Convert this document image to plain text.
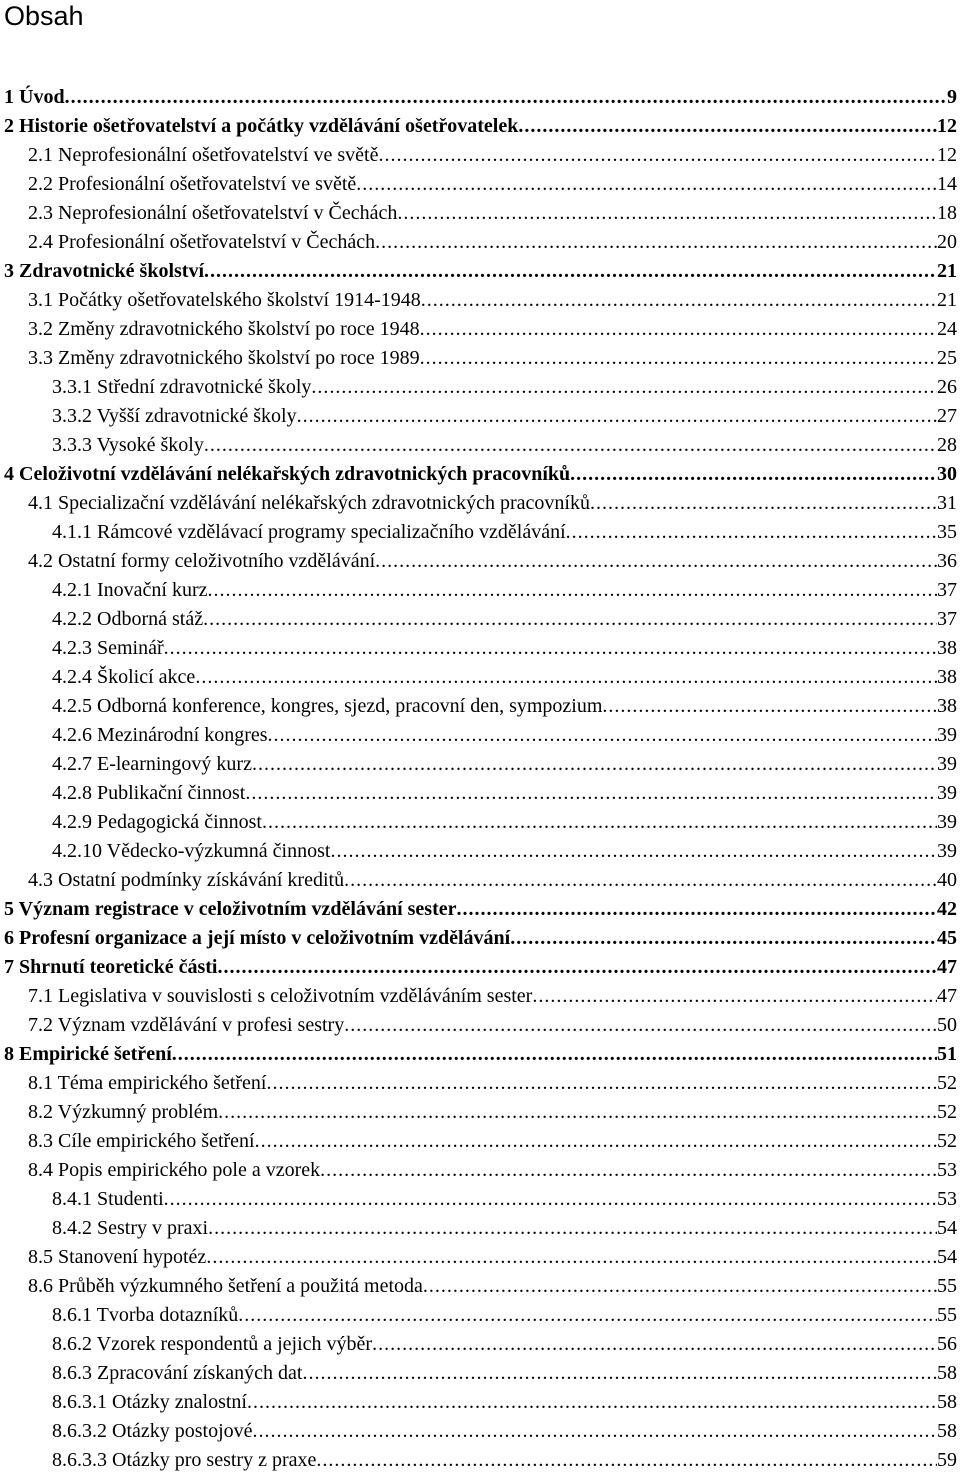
Obsah
1 Úvod .....	9
2 Historie ošetřovatelství a počátky vzdělávání ošetřovatelek .....	12
2.1 Neprofesionální ošetřovatelství ve světě .....	12
2.2 Profesionální ošetřovatelství ve světě .....	14
2.3 Neprofesionální ošetřovatelství v Čechách .....	18
2.4 Profesionální ošetřovatelství v Čechách .....	20
3 Zdravotnické školství .....	21
3.1 Počátky ošetřovatelského školství 1914-1948 .....	21
3.2 Změny zdravotnického školství po roce 1948 .....	24
3.3 Změny zdravotnického školství po roce 1989 .....	25
3.3.1 Střední zdravotnické školy .....	26
3.3.2 Vyšší zdravotnické školy .....	27
3.3.3 Vysoké školy .....	28
4 Celoživotní vzdělávání nelékařských zdravotnických pracovníků .....	30
4.1 Specializační vzdělávání nelékařských zdravotnických pracovníků .....	31
4.1.1 Rámcové vzdělávací programy specializačního vzdělávání .....	35
4.2 Ostatní formy celoživotního vzdělávání .....	36
4.2.1 Inovační kurz .....	37
4.2.2 Odborná stáž .....	37
4.2.3 Seminář .....	38
4.2.4 Školicí akce .....	38
4.2.5 Odborná konference, kongres, sjezd, pracovní den, sympozium .....	38
4.2.6 Mezinárodní kongres .....	39
4.2.7 E-learningový kurz .....	39
4.2.8 Publikační činnost .....	39
4.2.9 Pedagogická činnost .....	39
4.2.10 Vědecko-výzkumná činnost .....	39
4.3 Ostatní podmínky získávání kreditů .....	40
5 Význam registrace v celoživotním vzdělávání sester .....	42
6 Profesní organizace a její místo v celoživotním vzdělávání .....	45
7 Shrnutí teoretické části .....	47
7.1 Legislativa v souvislosti s celoživotním vzděláváním sester .....	47
7.2 Význam vzdělávání v profesi sestry .....	50
8 Empirické šetření .....	51
8.1 Téma empirického šetření .....	52
8.2 Výzkumný problém .....	52
8.3 Cíle empirického šetření .....	52
8.4 Popis empirického pole a vzorek .....	53
8.4.1 Studenti .....	53
8.4.2 Sestry v praxi .....	54
8.5 Stanovení hypotéz .....	54
8.6 Průběh výzkumného šetření a použitá metoda .....	55
8.6.1 Tvorba dotazníků .....	55
8.6.2 Vzorek respondentů a jejich výběr .....	56
8.6.3 Zpracování získaných dat .....	58
8.6.3.1 Otázky znalostní .....	58
8.6.3.2 Otázky postojové .....	58
8.6.3.3 Otázky pro sestry z praxe .....	59
